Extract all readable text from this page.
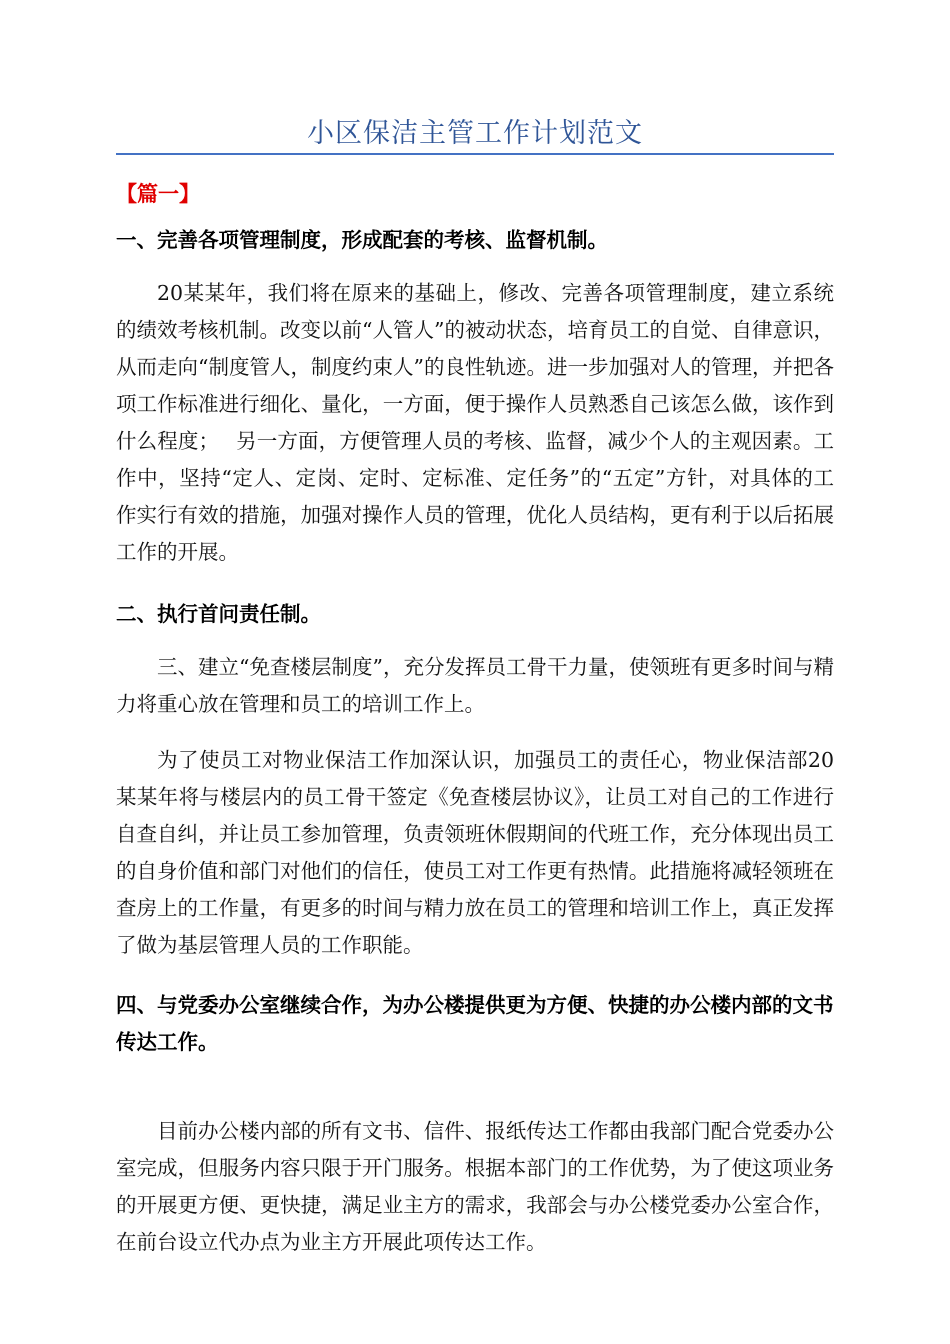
小区保洁主管工作计划范文

【篇一】

一、完善各项管理制度，形成配套的考核、监督机制。

20某某年，我们将在原来的基础上，修改、完善各项管理制度，建立系统的绩效考核机制。改变以前“人管人”的被动状态，培育员工的自觉、自律意识，从而走向“制度管人，制度约束人”的良性轨迹。进一步加强对人的管理，并把各项工作标准进行细化、量化，一方面，便于操作人员熟悉自己该怎么做，该作到什么程度；　 另一方面，方便管理人员的考核、监督，减少个人的主观因素。工作中，坚持“定人、定岗、定时、定标准、定任务”的“五定”方针，对具体的工作实行有效的措施，加强对操作人员的管理，优化人员结构，更有利于以后拓展工作的开展。

二、执行首问责任制。

三、建立“免查楼层制度”，充分发挥员工骨干力量，使领班有更多时间与精力将重心放在管理和员工的培训工作上。

为了使员工对物业保洁工作加深认识，加强员工的责任心，物业保洁部20某某年将与楼层内的员工骨干签定《免查楼层协议》，让员工对自己的工作进行自查自纠，并让员工参加管理，负责领班休假期间的代班工作，充分体现出员工的自身价值和部门对他们的信任，使员工对工作更有热情。此措施将减轻领班在查房上的工作量，有更多的时间与精力放在员工的管理和培训工作上，真正发挥了做为基层管理人员的工作职能。

四、与党委办公室继续合作，为办公楼提供更为方便、快捷的办公楼内部的文书传达工作。

目前办公楼内部的所有文书、信件、报纸传达工作都由我部门配合党委办公室完成，但服务内容只限于开门服务。根据本部门的工作优势，为了使这项业务的开展更方便、更快捷，满足业主方的需求，我部会与办公楼党委办公室合作，在前台设立代办点为业主方开展此项传达工作。
